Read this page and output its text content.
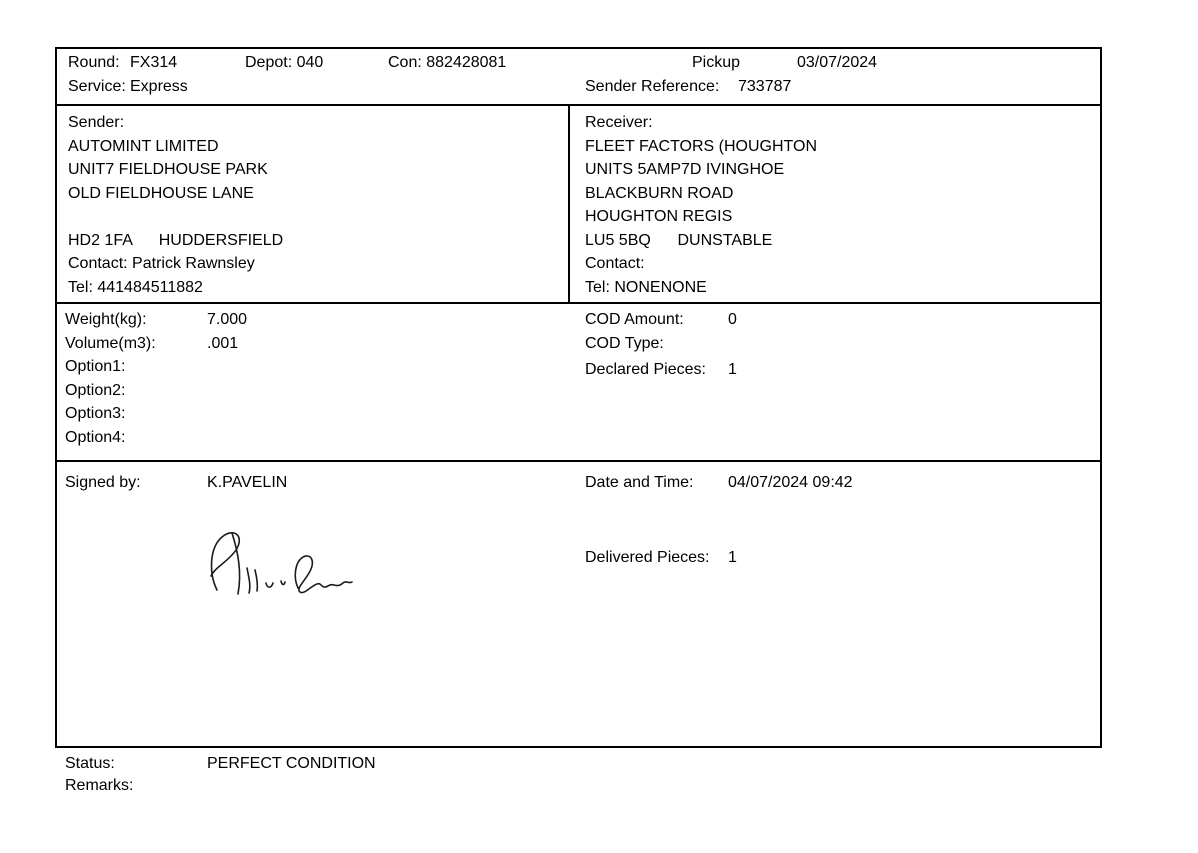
Round: FX314	Depot: 040	Con: 882428081	Pickup	03/07/2024
Service: Express	Sender Reference: 733787
Sender:
AUTOMINT LIMITED
UNIT7 FIELDHOUSE PARK
OLD FIELDHOUSE LANE
HD2 1FA      HUDDERSFIELD
Contact: Patrick Rawnsley
Tel: 441484511882
Receiver:
FLEET FACTORS (HOUGHTON
UNITS 5AMP7D IVINGHOE
BLACKBURN ROAD
HOUGHTON REGIS
LU5 5BQ      DUNSTABLE
Contact:
Tel: NONENONE
Weight(kg):	7.000
Volume(m3):	.001
Option1:
Option2:
Option3:
Option4:
COD Amount:	0
COD Type:
Declared Pieces: 1
Signed by:	K.PAVELIN	Date and Time: 04/07/2024 09:42
Delivered Pieces: 1
Status:	PERFECT CONDITION
Remarks:
